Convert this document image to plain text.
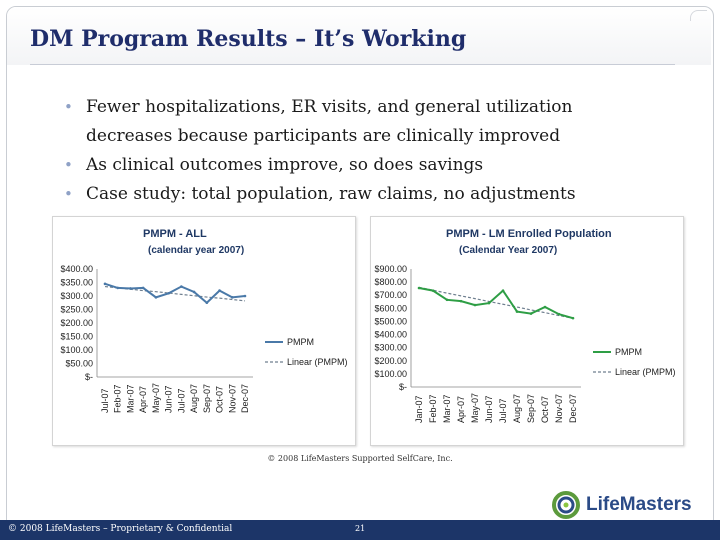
DM Program Results – It’s Working
• Fewer hospitalizations, ER visits, and general utilization decreases because participants are clinically improved
• As clinical outcomes improve, so does savings
• Case study: total population, raw claims, no adjustments
PMPM - ALL
(calendar year 2007)
$400.00
$350.00
$300.00
$250.00
$200.00
$150.00
$100.00
$50.00
$-
Jul-07 Feb-07 Mar-07 Apr-07 May-07 Jun-07 Jul-07 Aug-07 Sep-07 Oct-07 Nov-07 Dec-07
PMPM
Linear (PMPM)
PMPM - LM Enrolled Population
(Calendar Year 2007)
$900.00
$800.00
$700.00
$600.00
$500.00
$400.00
$300.00
$200.00
$100.00
$-
Jan-07 Feb-07 Mar-07 Apr-07 May-07 Jun-07 Jul-07 Aug-07 Sep-07 Oct-07 Nov-07 Dec-07
PMPM
Linear (PMPM)
© 2008 LifeMasters Supported SelfCare, Inc.
LifeMasters
© 2008 LifeMasters – Proprietary & Confidential	21
